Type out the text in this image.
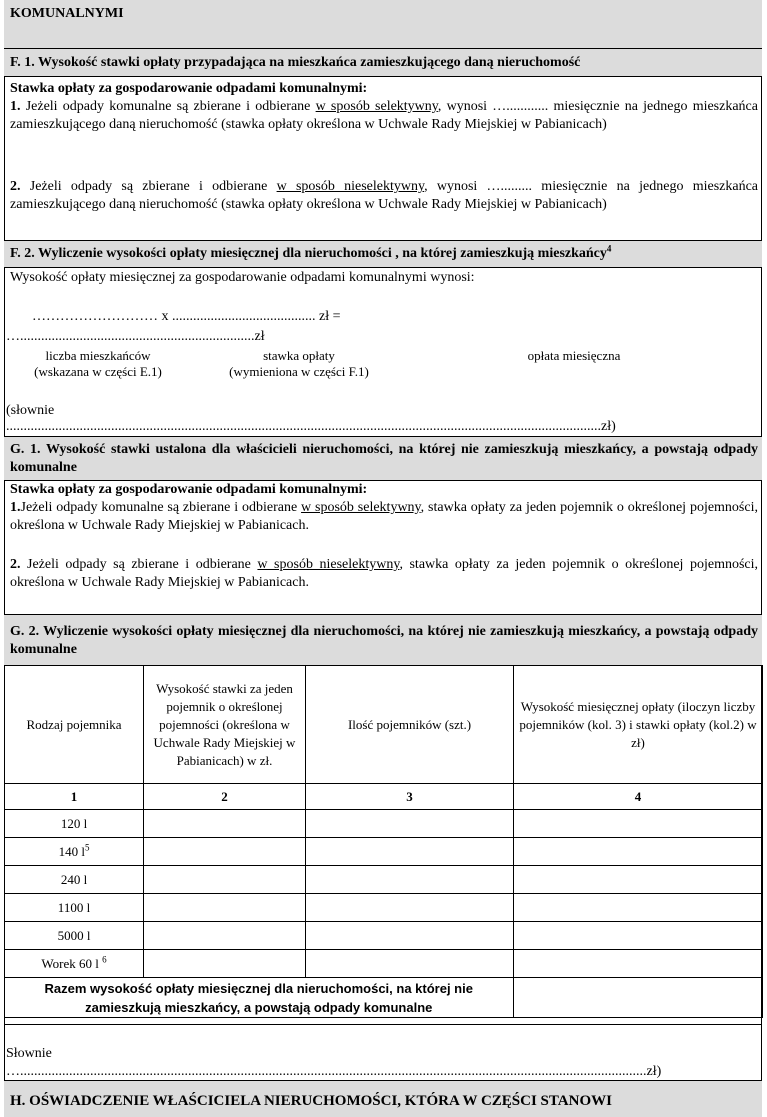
KOMUNALNYMI
F. 1. Wysokość stawki opłaty przypadająca na mieszkańca zamieszkującego daną nieruchomość
Stawka opłaty za gospodarowanie odpadami komunalnymi:
1. Jeżeli odpady komunalne są zbierane i odbierane w sposób selektywny, wynosi …............ miesięcznie na jednego mieszkańca zamieszkującego daną nieruchomość (stawka opłaty określona w Uchwale Rady Miejskiej w Pabianicach)
2. Jeżeli odpady są zbierane i odbierane w sposób nieselektywny, wynosi …......... miesięcznie na jednego mieszkańca zamieszkującego daną nieruchomość (stawka opłaty określona w Uchwale Rady Miejskiej w Pabianicach)
F. 2. Wyliczenie wysokości opłaty miesięcznej dla nieruchomości , na której zamieszkują mieszkańcy$^4$
Wysokość opłaty miesięcznej za gospodarowanie odpadami komunalnymi wynosi:
……………………… x ......................................... zł =
…...................................................................zł
liczba mieszkańców
(wskazana w części E.1)
stawka opłaty
(wymieniona w części F.1)
opłata miesięczna
(słownie
..........................................................................................................................................................................zł)
G. 1. Wysokość stawki ustalona dla właścicieli nieruchomości, na której nie zamieszkują mieszkańcy, a powstają odpady komunalne
Stawka opłaty za gospodarowanie odpadami komunalnymi:
1.Jeżeli odpady komunalne są zbierane i odbierane w sposób selektywny, stawka opłaty za jeden pojemnik o określonej pojemności, określona w Uchwale Rady Miejskiej w Pabianicach.
2. Jeżeli odpady są zbierane i odbierane w sposób nieselektywny, stawka opłaty za jeden pojemnik o określonej pojemności, określona w Uchwale Rady Miejskiej w Pabianicach.
G. 2. Wyliczenie wysokości opłaty miesięcznej dla nieruchomości, na której nie zamieszkują mieszkańcy, a powstają odpady komunalne
Rodzaj pojemnika	Wysokość stawki za jeden pojemnik o określonej pojemności (określona w Uchwale Rady Miejskiej w Pabianicach) w zł.	Ilość pojemników (szt.)	Wysokość miesięcznej opłaty (iloczyn liczby pojemników (kol. 3) i stawki opłaty (kol.2) w zł)
1	2	3	4
120 l			
140 $l^5$			
240 l			
1100 l			
5000 l			
Worek 60 l $^6$			
Razem wysokość opłaty miesięcznej dla nieruchomości, na której nie zamieszkują mieszkańcy, a powstają odpady komunalne			
Słownie
…...................................................................................................................................................................................zł)
H. OŚWIADCZENIE WŁAŚCICIELA NIERUCHOMOŚCI, KTÓRA W CZĘŚCI STANOWI
